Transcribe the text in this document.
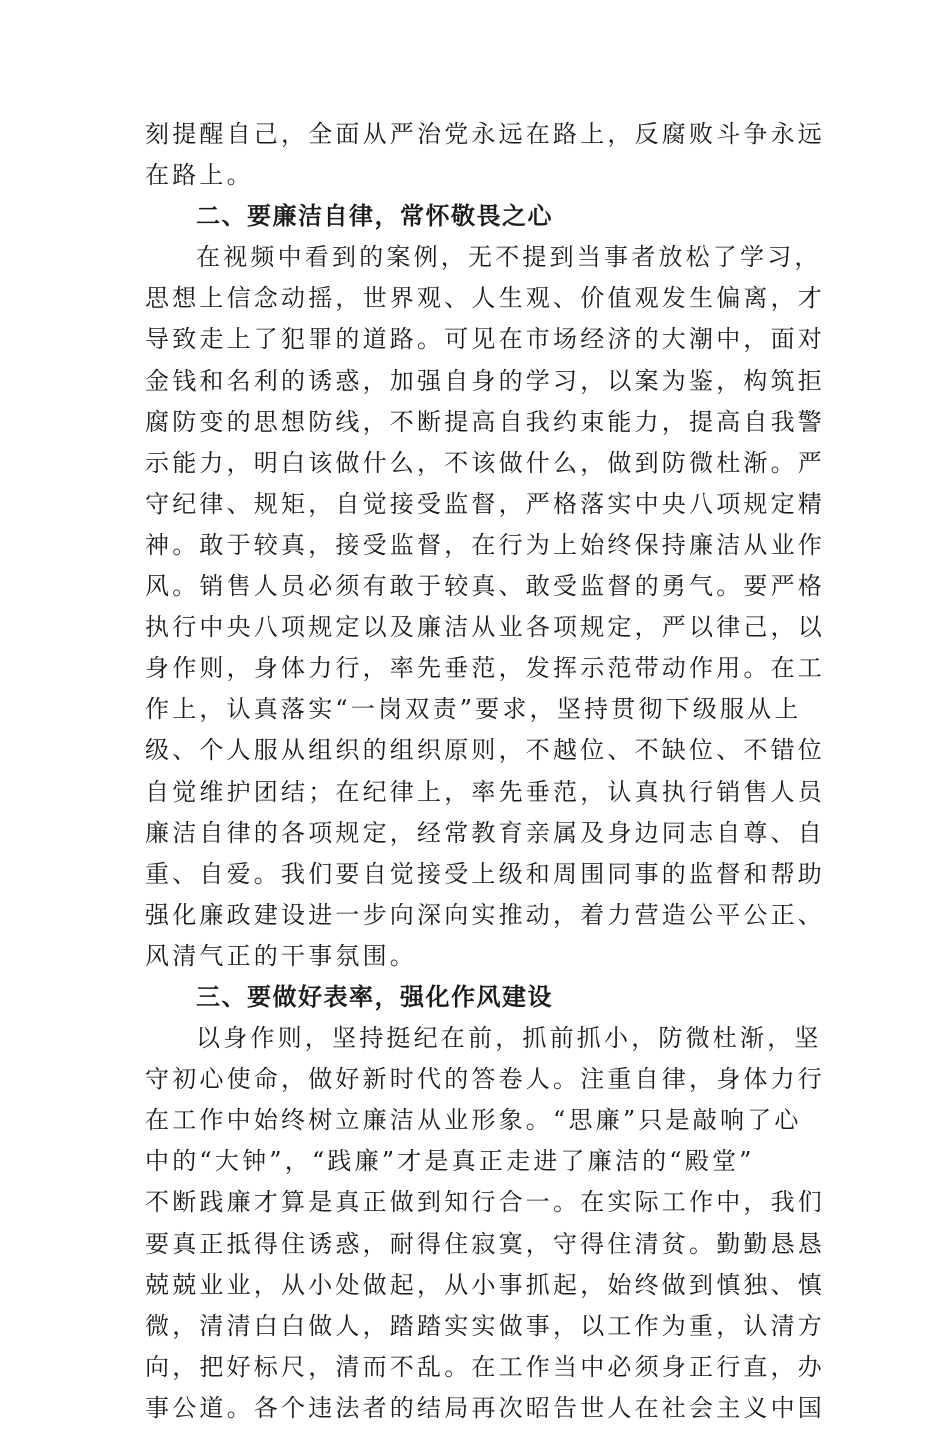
刻提醒自己，全面从严治党永远在路上，反腐败斗争永远
在路上。
二、要廉洁自律，常怀敬畏之心
在视频中看到的案例，无不提到当事者放松了学习，
思想上信念动摇，世界观、人生观、价值观发生偏离，才
导致走上了犯罪的道路。可见在市场经济的大潮中，面对
金钱和名利的诱惑，加强自身的学习，以案为鉴，构筑拒
腐防变的思想防线，不断提高自我约束能力，提高自我警
示能力，明白该做什么，不该做什么，做到防微杜渐。严
守纪律、规矩，自觉接受监督，严格落实中央八项规定精
神。敢于较真，接受监督，在行为上始终保持廉洁从业作
风。销售人员必须有敢于较真、敢受监督的勇气。要严格
执行中央八项规定以及廉洁从业各项规定，严以律己，以
身作则，身体力行，率先垂范，发挥示范带动作用。在工
作上，认真落实“一岗双责”要求，坚持贯彻下级服从上
级、个人服从组织的组织原则，不越位、不缺位、不错位
自觉维护团结；在纪律上，率先垂范，认真执行销售人员
廉洁自律的各项规定，经常教育亲属及身边同志自尊、自
重、自爱。我们要自觉接受上级和周围同事的监督和帮助
强化廉政建设进一步向深向实推动，着力营造公平公正、
风清气正的干事氛围。
三、要做好表率，强化作风建设
以身作则，坚持挺纪在前，抓前抓小，防微杜渐，坚
守初心使命，做好新时代的答卷人。注重自律，身体力行
在工作中始终树立廉洁从业形象。“思廉”只是敲响了心
中的“大钟”，“践廉”才是真正走进了廉洁的“殿堂”
不断践廉才算是真正做到知行合一。在实际工作中，我们
要真正抵得住诱惑，耐得住寂寞，守得住清贫。勤勤恳恳
兢兢业业，从小处做起，从小事抓起，始终做到慎独、慎
微，清清白白做人，踏踏实实做事，以工作为重，认清方
向，把好标尺，清而不乱。在工作当中必须身正行直，办
事公道。各个违法者的结局再次昭告世人在社会主义中国
